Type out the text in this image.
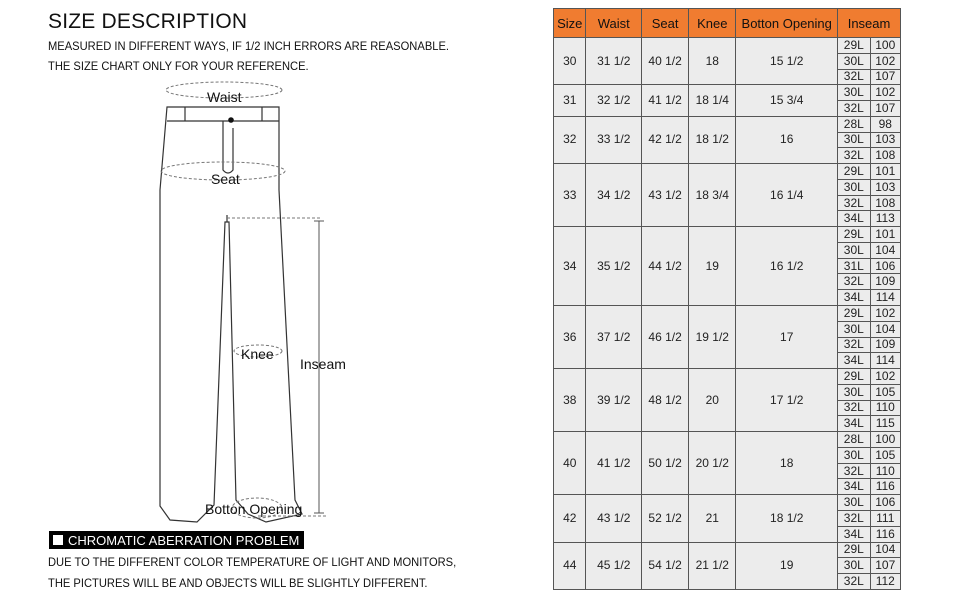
SIZE DESCRIPTION
MEASURED IN DIFFERENT WAYS, IF 1/2 INCH ERRORS ARE REASONABLE.
THE SIZE CHART ONLY FOR YOUR REFERENCE.
Waist
Seat
Knee
Inseam
Botton Opening
CHROMATIC ABERRATION PROBLEM
DUE TO THE DIFFERENT COLOR TEMPERATURE OF LIGHT AND MONITORS,
THE PICTURES WILL BE AND OBJECTS WILL BE SLIGHTLY DIFFERENT.
Size	Waist	Seat	Knee	Botton Opening	Inseam	
30	31 1/2	40 1/2	18	15 1/2	29L	100
					30L	102
					32L	107
31	32 1/2	41 1/2	18 1/4	15 3/4	30L	102
					32L	107
32	33 1/2	42 1/2	18 1/2	16	28L	98
					30L	103
					32L	108
33	34 1/2	43 1/2	18 3/4	16 1/4	29L	101
					30L	103
					32L	108
					34L	113
34	35 1/2	44 1/2	19	16 1/2	29L	101
					30L	104
					31L	106
					32L	109
					34L	114
36	37 1/2	46 1/2	19 1/2	17	29L	102
					30L	104
					32L	109
					34L	114
38	39 1/2	48 1/2	20	17 1/2	29L	102
					30L	105
					32L	110
					34L	115
40	41 1/2	50 1/2	20 1/2	18	28L	100
					30L	105
					32L	110
					34L	116
42	43 1/2	52 1/2	21	18 1/2	30L	106
					32L	111
					34L	116
44	45 1/2	54 1/2	21 1/2	19	29L	104
					30L	107
					32L	112
